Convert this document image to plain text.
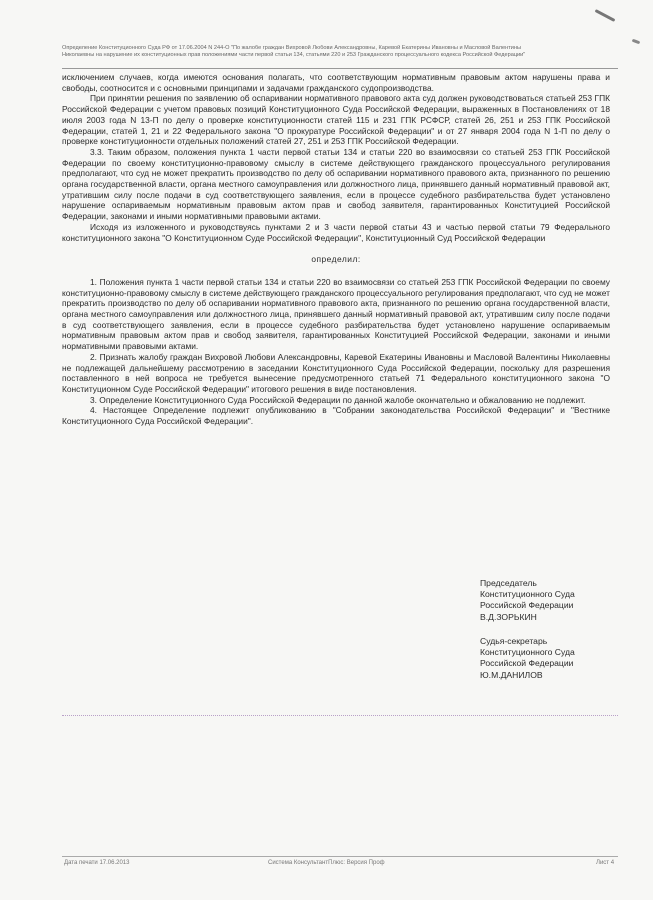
Определение Конституционного Суда РФ от 17.06.2004 N 244-О "По жалобе граждан Вихровой Любови Александровны, Каревой Екатерины Ивановны и Масловой Валентины
Николаевны на нарушение их конституционных прав положениями части первой статьи 134, статьями 220 и 253 Гражданского процессуального кодекса Российской Федерации"

исключением случаев, когда имеются основания полагать, что соответствующим нормативным правовым актом нарушены права и свободы, соотносится и с основными принципами и задачами гражданского судопроизводства.

При принятии решения по заявлению об оспаривании нормативного правового акта суд должен руководствоваться статьей 253 ГПК Российской Федерации с учетом правовых позиций Конституционного Суда Российской Федерации, выраженных в Постановлениях от 18 июля 2003 года N 13-П по делу о проверке конституционности статей 115 и 231 ГПК РСФСР, статей 26, 251 и 253 ГПК Российской Федерации, статей 1, 21 и 22 Федерального закона "О прокуратуре Российской Федерации" и от 27 января 2004 года N 1-П по делу о проверке конституционности отдельных положений статей 27, 251 и 253 ГПК Российской Федерации.

3.3. Таким образом, положения пункта 1 части первой статьи 134 и статьи 220 во взаимосвязи со статьей 253 ГПК Российской Федерации по своему конституционно-правовому смыслу в системе действующего гражданского процессуального регулирования предполагают, что суд не может прекратить производство по делу об оспаривании нормативного правового акта, признанного по решению органа государственной власти, органа местного самоуправления или должностного лица, принявшего данный нормативный правовой акт, утратившим силу после подачи в суд соответствующего заявления, если в процессе судебного разбирательства будет установлено нарушение оспариваемым нормативным правовым актом прав и свобод заявителя, гарантированных Конституцией Российской Федерации, законами и иными нормативными правовыми актами.

Исходя из изложенного и руководствуясь пунктами 2 и 3 части первой статьи 43 и частью первой статьи 79 Федерального конституционного закона "О Конституционном Суде Российской Федерации", Конституционный Суд Российской Федерации

определил:

1. Положения пункта 1 части первой статьи 134 и статьи 220 во взаимосвязи со статьей 253 ГПК Российской Федерации по своему конституционно-правовому смыслу в системе действующего гражданского процессуального регулирования предполагают, что суд не может прекратить производство по делу об оспаривании нормативного правового акта, признанного по решению органа государственной власти, органа местного самоуправления или должностного лица, принявшего данный нормативный правовой акт, утратившим силу после подачи в суд соответствующего заявления, если в процессе судебного разбирательства будет установлено нарушение оспариваемым нормативным правовым актом прав и свобод заявителя, гарантированных Конституцией Российской Федерации, законами и иными нормативными правовыми актами.

2. Признать жалобу граждан Вихровой Любови Александровны, Каревой Екатерины Ивановны и Масловой Валентины Николаевны не подлежащей дальнейшему рассмотрению в заседании Конституционного Суда Российской Федерации, поскольку для разрешения поставленного в ней вопроса не требуется вынесение предусмотренного статьей 71 Федерального конституционного закона "О Конституционном Суде Российской Федерации" итогового решения в виде постановления.

3. Определение Конституционного Суда Российской Федерации по данной жалобе окончательно и обжалованию не подлежит.

4. Настоящее Определение подлежит опубликованию в "Собрании законодательства Российской Федерации" и "Вестнике Конституционного Суда Российской Федерации".

Председатель
Конституционного Суда
Российской Федерации
В.Д.ЗОРЬКИН
Судья-секретарь
Конституционного Суда
Российской Федерации
Ю.М.ДАНИЛОВ
Дата печати 17.06.2013	Система КонсультантПлюс: Версия Проф	Лист 4
